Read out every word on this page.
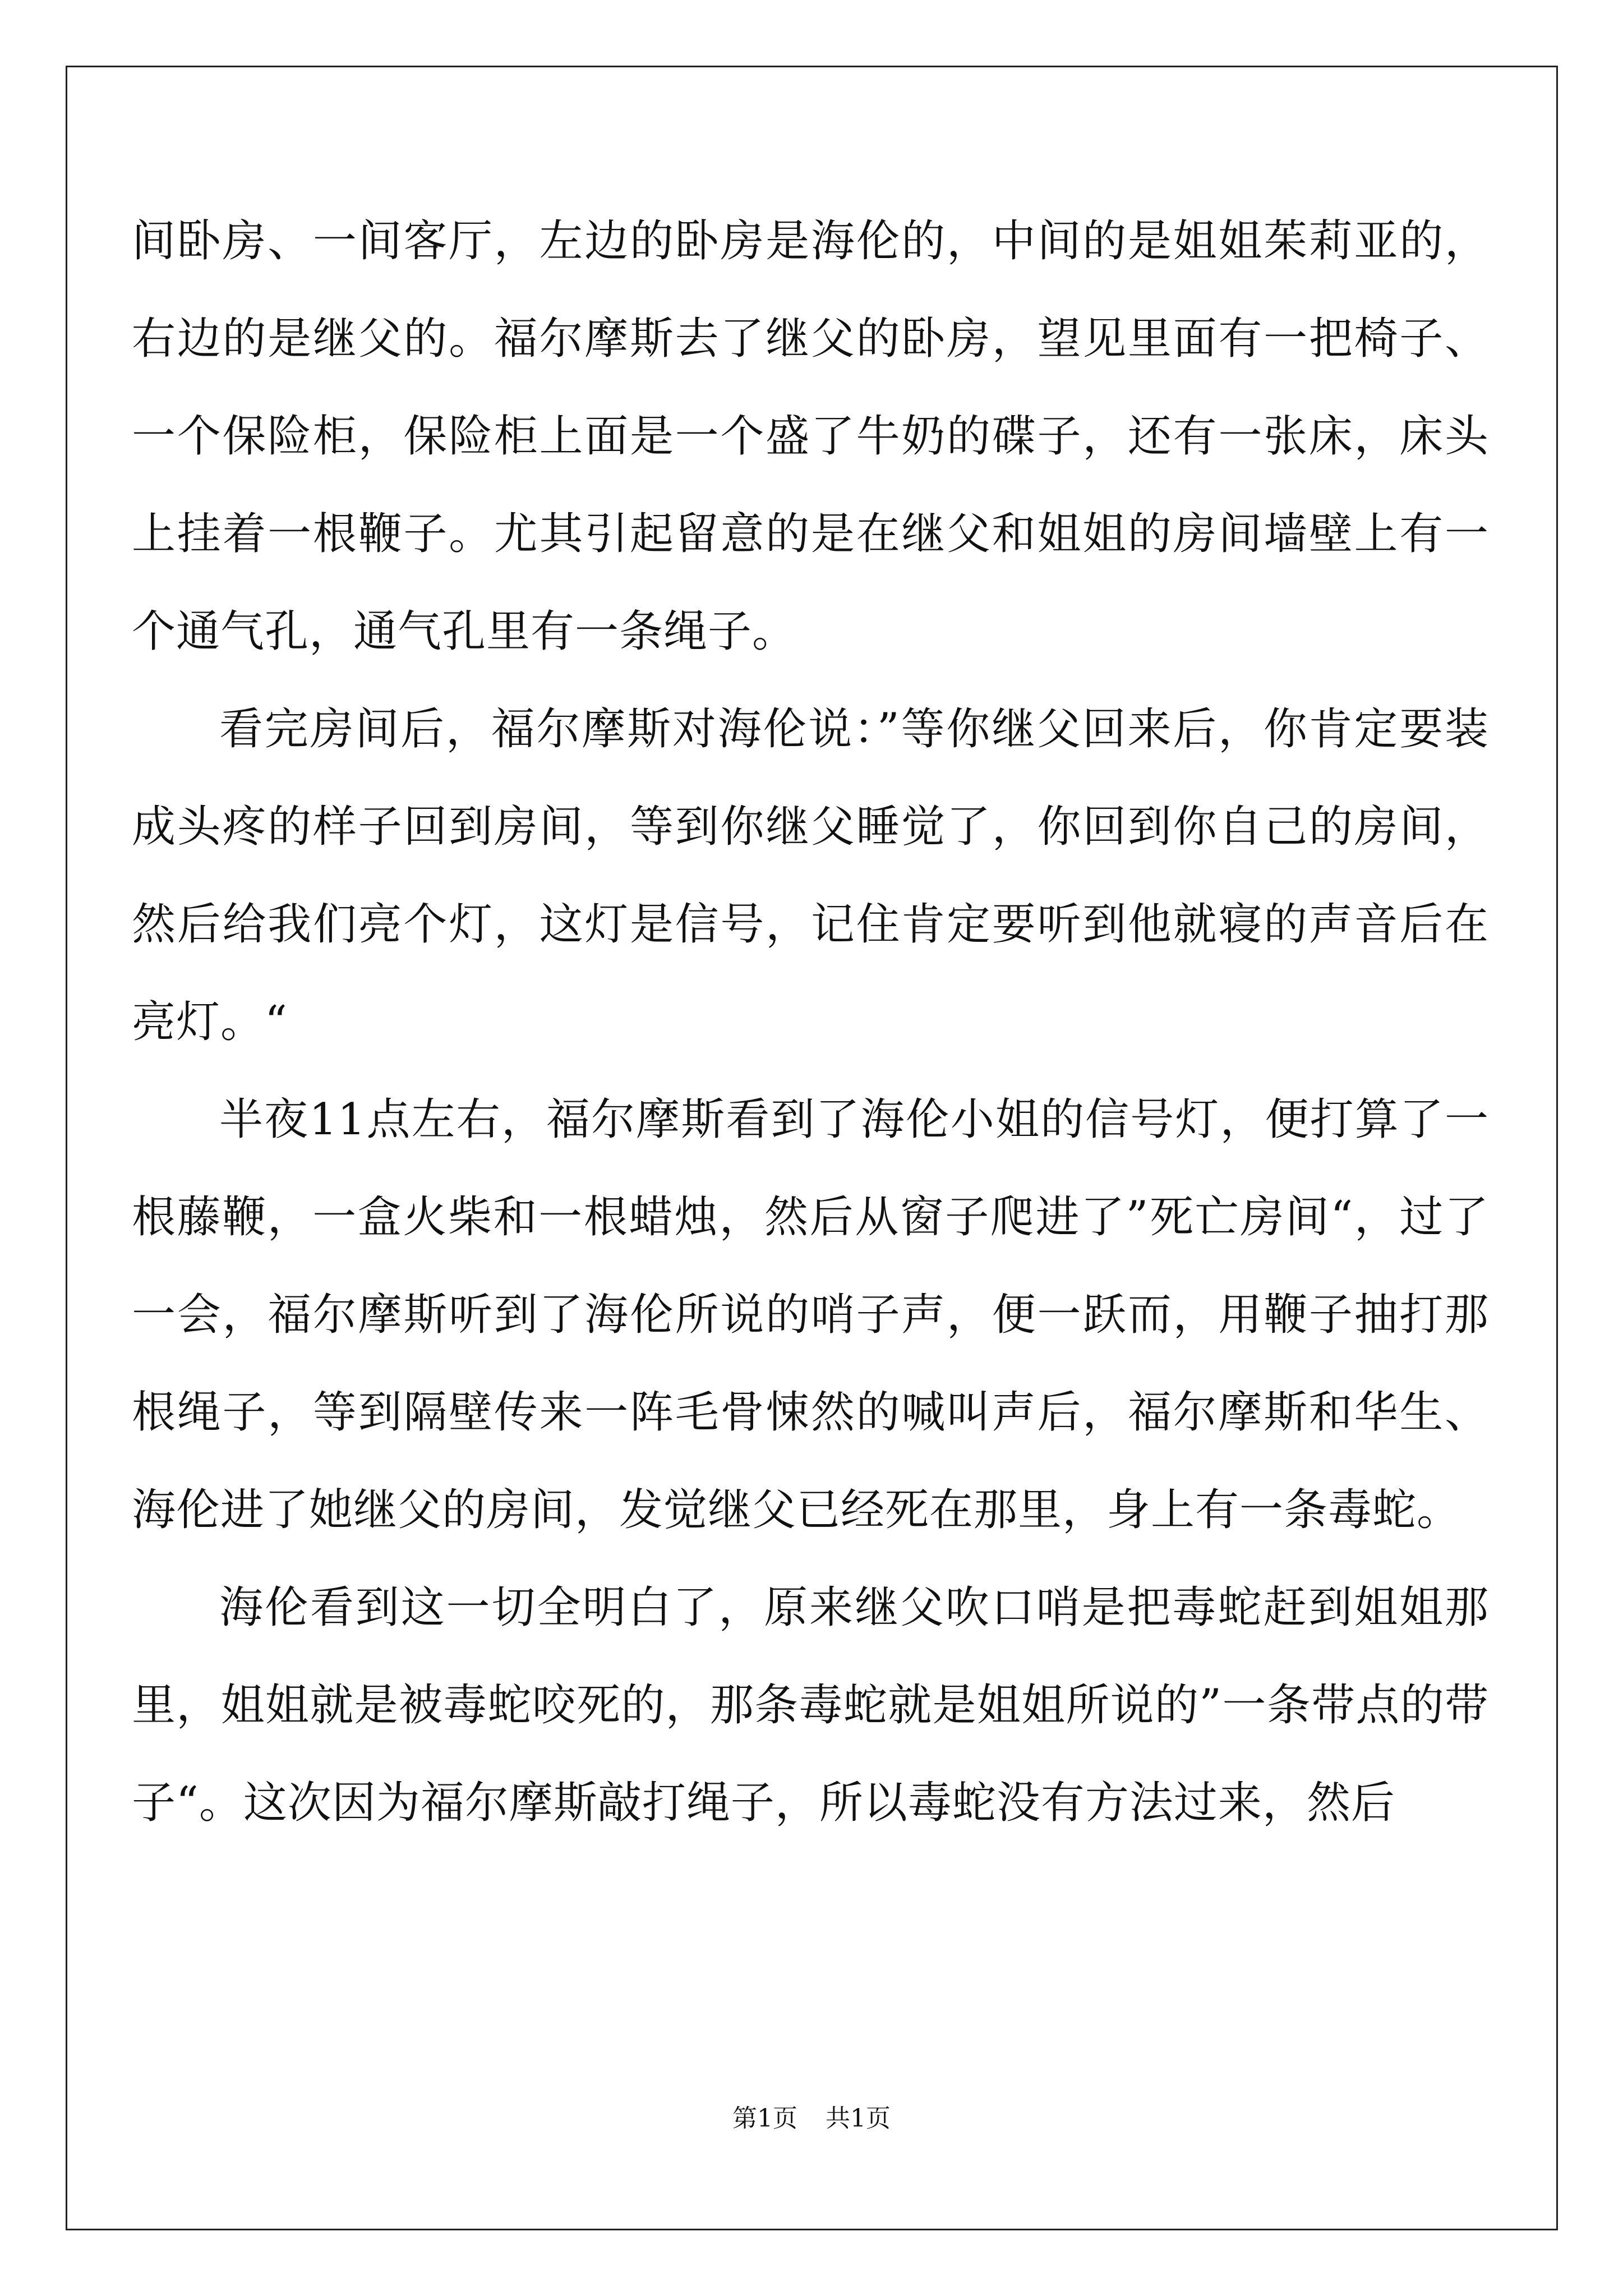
间卧房、一间客厅，左边的卧房是海伦的，中间的是姐姐茱莉亚的，右边的是继父的。福尔摩斯去了继父的卧房，望见里面有一把椅子、一个保险柜，保险柜上面是一个盛了牛奶的碟子，还有一张床，床头上挂着一根鞭子。尤其引起留意的是在继父和姐姐的房间墙壁上有一个通气孔，通气孔里有一条绳子。

看完房间后，福尔摩斯对海伦说：”等你继父回来后，你肯定要装成头疼的样子回到房间，等到你继父睡觉了，你回到你自己的房间，然后给我们亮个灯，这灯是信号，记住肯定要听到他就寝的声音后在亮灯。“

半夜11点左右，福尔摩斯看到了海伦小姐的信号灯，便打算了一根藤鞭，一盒火柴和一根蜡烛，然后从窗子爬进了”死亡房间“，过了一会，福尔摩斯听到了海伦所说的哨子声，便一跃而，用鞭子抽打那根绳子，等到隔壁传来一阵毛骨悚然的喊叫声后，福尔摩斯和华生、海伦进了她继父的房间，发觉继父已经死在那里，身上有一条毒蛇。

海伦看到这一切全明白了，原来继父吹口哨是把毒蛇赶到姐姐那里，姐姐就是被毒蛇咬死的，那条毒蛇就是姐姐所说的”一条带点的带子“。这次因为福尔摩斯敲打绳子，所以毒蛇没有方法过来，然后

第1页 共1页
